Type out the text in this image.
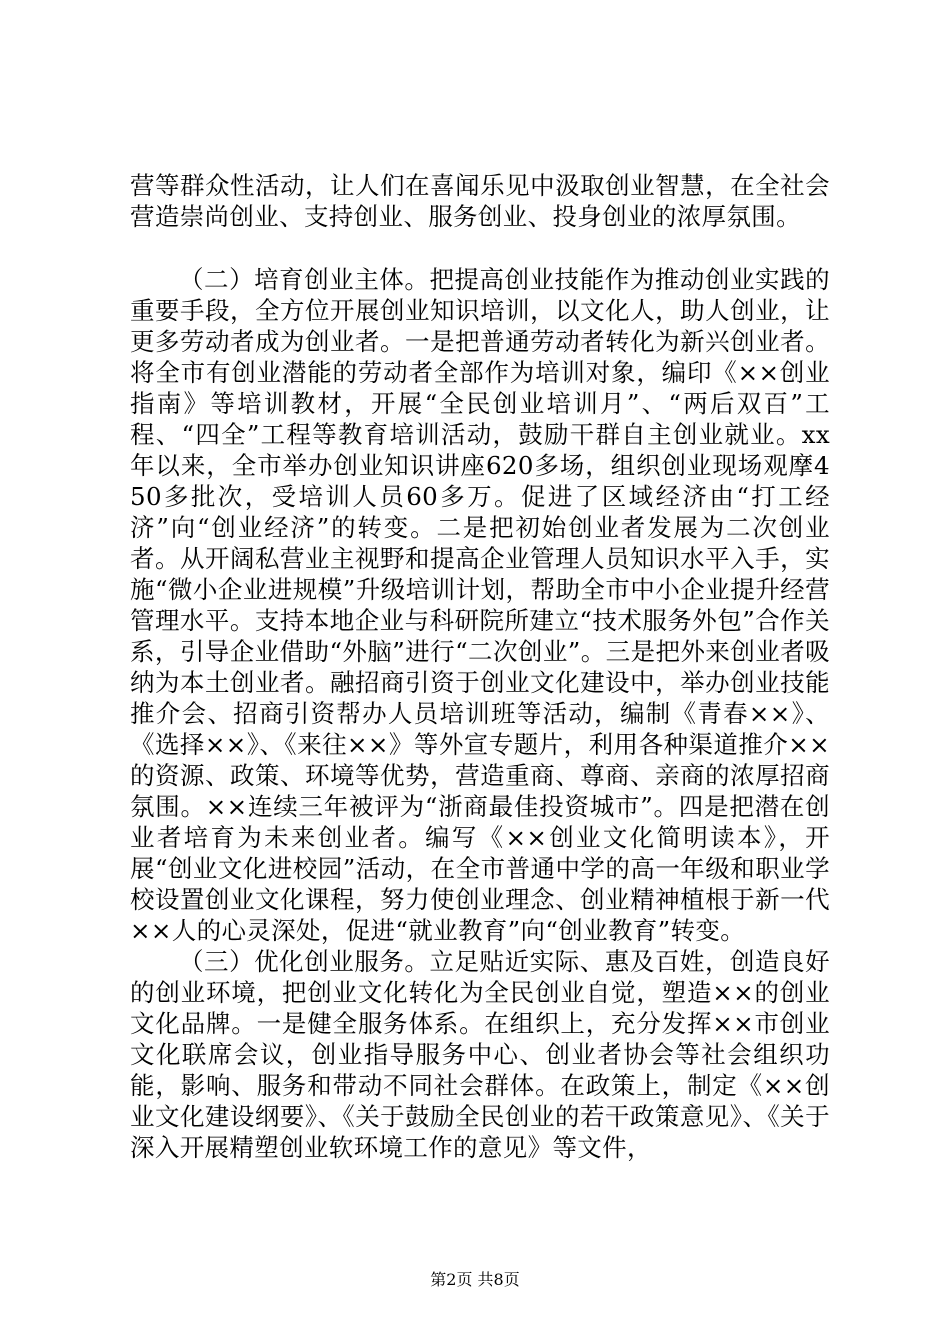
营等群众性活动，让人们在喜闻乐见中汲取创业智慧，在全社会营造崇尚创业、支持创业、服务创业、投身创业的浓厚氛围。

（二）培育创业主体。把提高创业技能作为推动创业实践的重要手段，全方位开展创业知识培训，以文化人，助人创业，让更多劳动者成为创业者。一是把普通劳动者转化为新兴创业者。将全市有创业潜能的劳动者全部作为培训对象，编印《××创业指南》等培训教材，开展“全民创业培训月”、“两后双百”工程、“四全”工程等教育培训活动，鼓励干群自主创业就业。xx年以来，全市举办创业知识讲座620多场，组织创业现场观摩450多批次，受培训人员60多万。促进了区域经济由“打工经济”向“创业经济”的转变。二是把初始创业者发展为二次创业者。从开阔私营业主视野和提高企业管理人员知识水平入手，实施“微小企业进规模”升级培训计划，帮助全市中小企业提升经营管理水平。支持本地企业与科研院所建立“技术服务外包”合作关系，引导企业借助“外脑”进行“二次创业”。三是把外来创业者吸纳为本土创业者。融招商引资于创业文化建设中，举办创业技能推介会、招商引资帮办人员培训班等活动，编制《青春××》、《选择××》、《来往××》等外宣专题片，利用各种渠道推介××的资源、政策、环境等优势，营造重商、尊商、亲商的浓厚招商氛围。××连续三年被评为“浙商最佳投资城市”。四是把潜在创业者培育为未来创业者。编写《××创业文化简明读本》，开展“创业文化进校园”活动，在全市普通中学的高一年级和职业学校设置创业文化课程，努力使创业理念、创业精神植根于新一代××人的心灵深处，促进“就业教育”向“创业教育”转变。

（三）优化创业服务。立足贴近实际、惠及百姓，创造良好的创业环境，把创业文化转化为全民创业自觉，塑造××的创业文化品牌。一是健全服务体系。在组织上，充分发挥××市创业文化联席会议，创业指导服务中心、创业者协会等社会组织功能，影响、服务和带动不同社会群体。在政策上，制定《××创业文化建设纲要》、《关于鼓励全民创业的若干政策意见》、《关于深入开展精塑创业软环境工作的意见》等文件，

第2页 共8页
